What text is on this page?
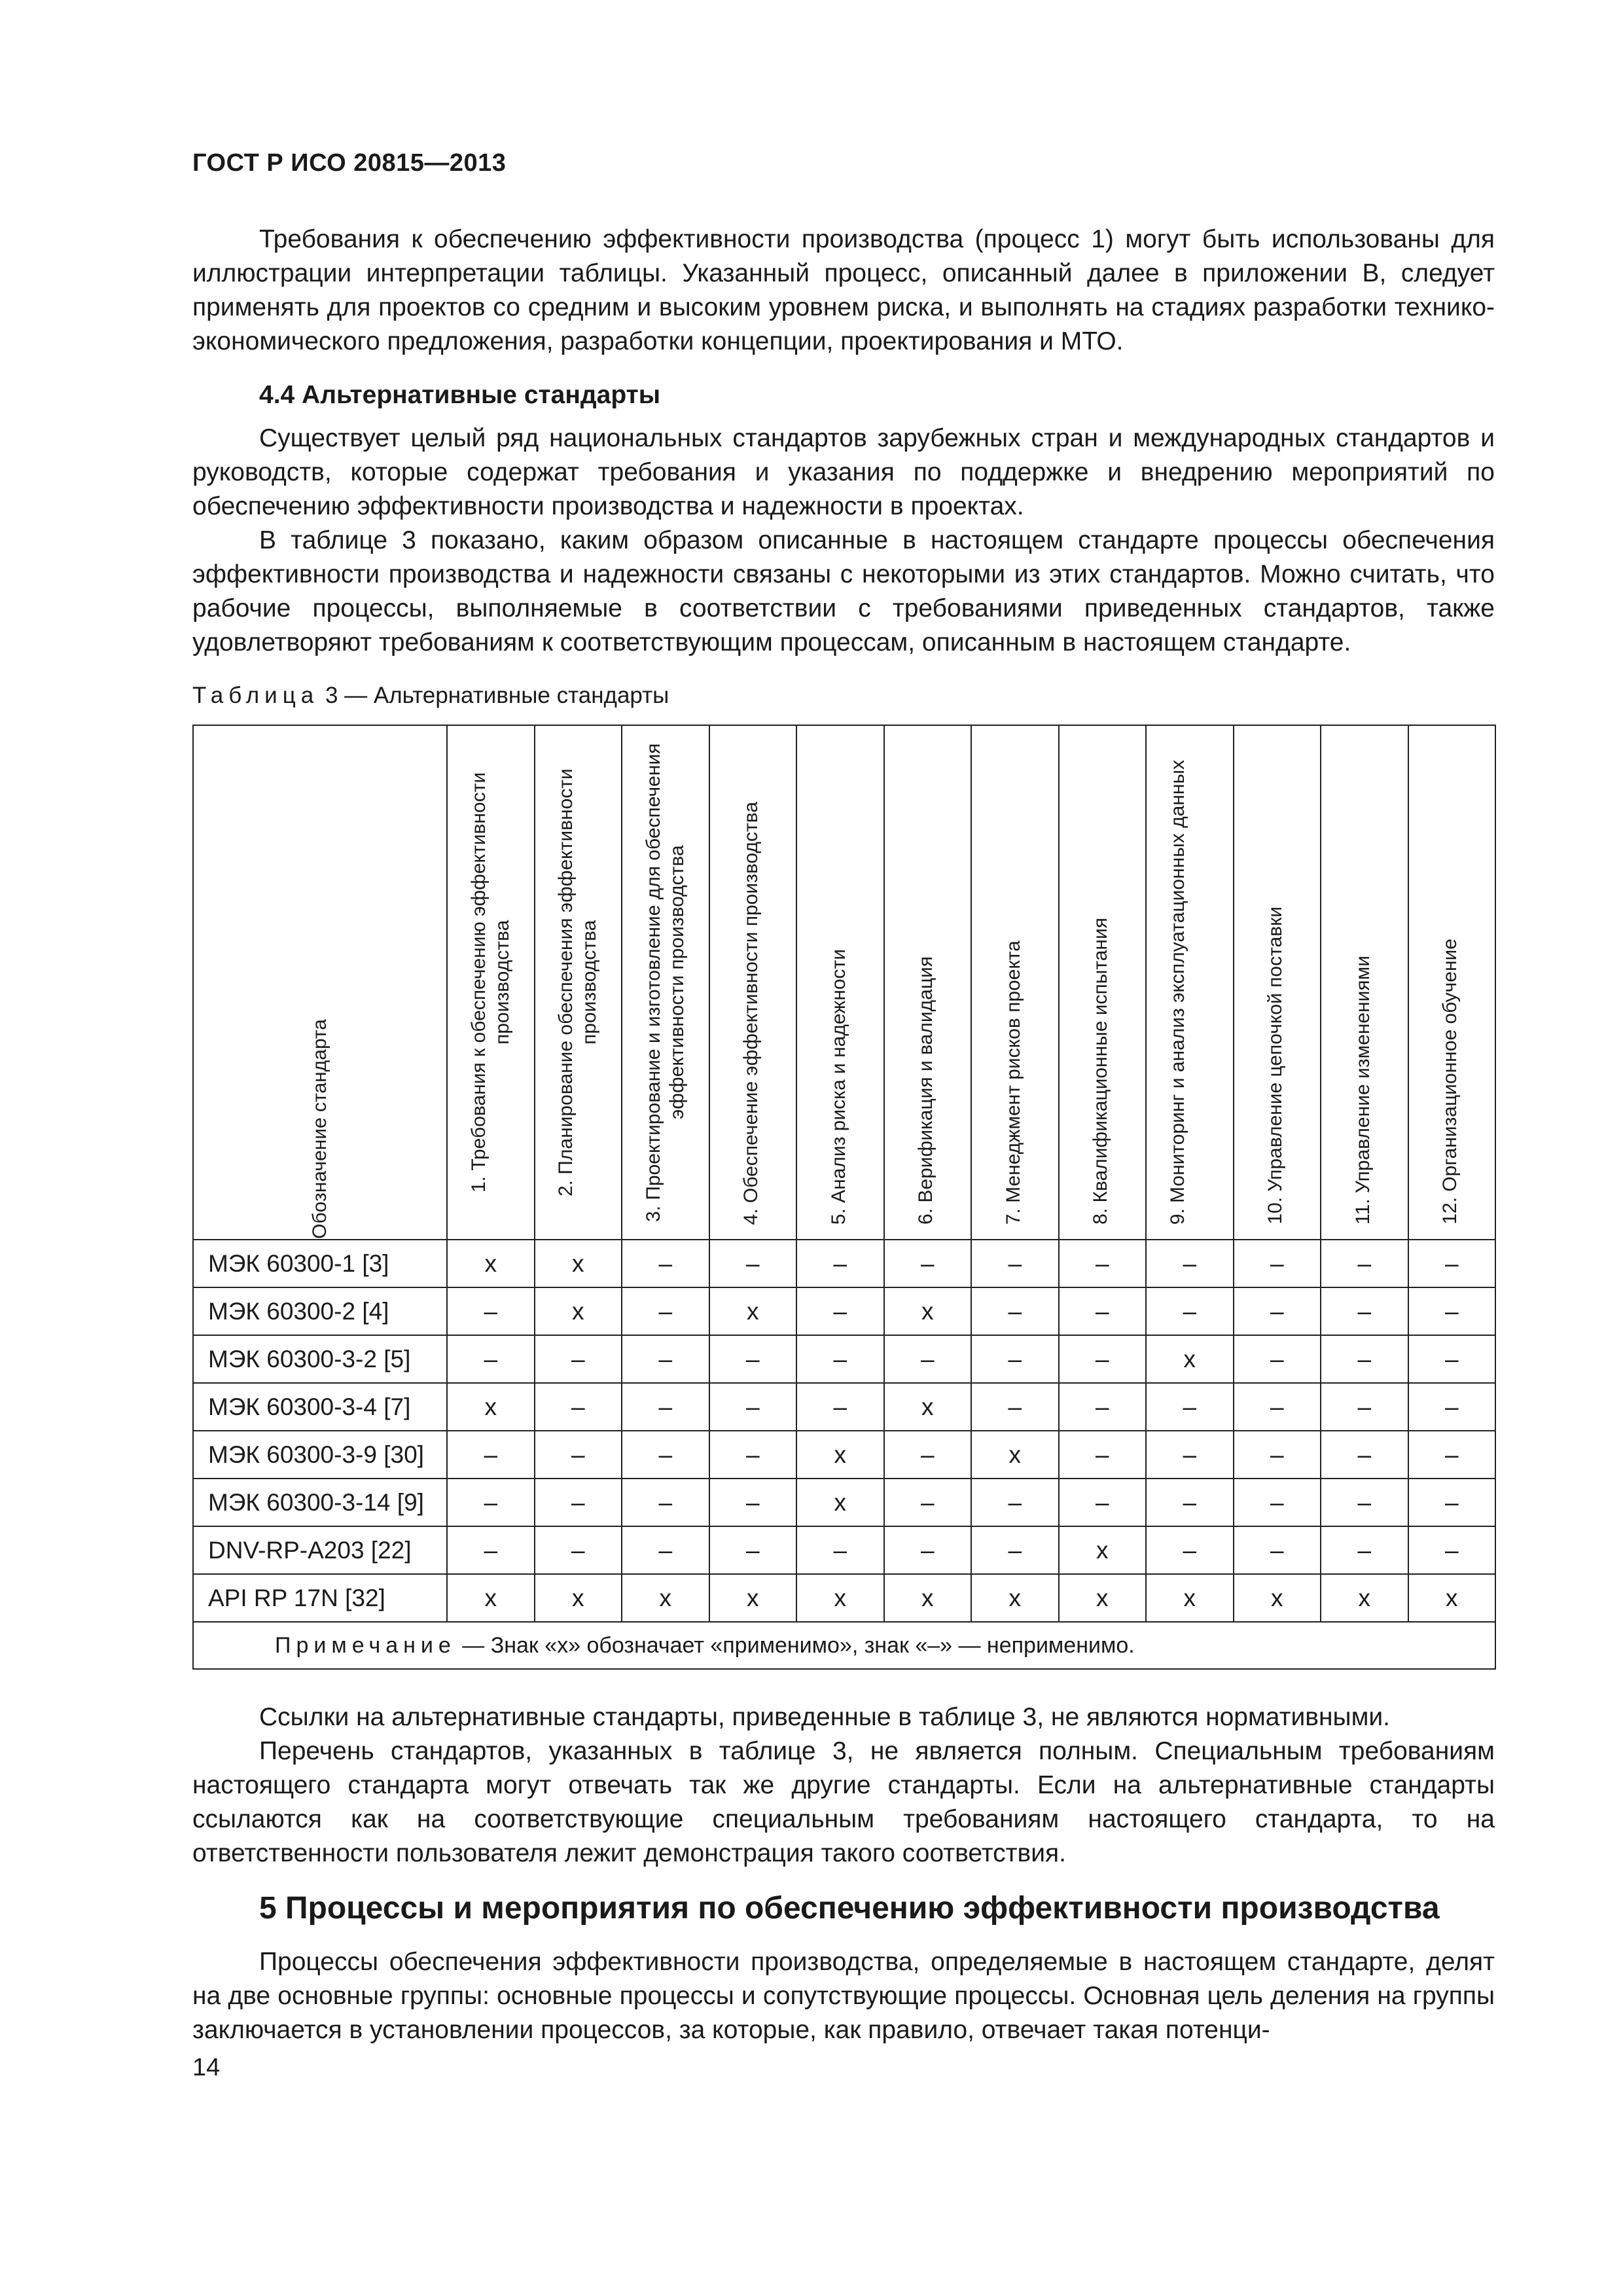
ГОСТ Р ИСО 20815—2013

Требования к обеспечению эффективности производства (процесс 1) могут быть использованы для иллюстрации интерпретации таблицы. Указанный процесс, описанный далее в приложении В, следует применять для проектов со средним и высоким уровнем риска, и выполнять на стадиях разработки технико-экономического предложения, разработки концепции, проектирования и МТО.

4.4 Альтернативные стандарты

Существует целый ряд национальных стандартов зарубежных стран и международных стандартов и руководств, которые содержат требования и указания по поддержке и внедрению мероприятий по обеспечению эффективности производства и надежности в проектах.

В таблице 3 показано, каким образом описанные в настоящем стандарте процессы обеспечения эффективности производства и надежности связаны с некоторыми из этих стандартов. Можно считать, что рабочие процессы, выполняемые в соответствии с требованиями приведенных стандартов, также удовлетворяют требованиям к соответствующим процессам, описанным в настоящем стандарте.

Таблица 3 — Альтернативные стандарты
Обозначение стандарта	1. Требования к обеспечению эффективности производства	2. Планирование обеспечения эффективности производства	3. Проектирование и изготовление для обеспечения эффективности производства	4. Обеспечение эффективности производства	5. Анализ риска и надежности	6. Верификация и валидация	7. Менеджмент рисков проекта	8. Квалификационные испытания	9. Мониторинг и анализ эксплуатационных данных	10. Управление цепочкой поставки	11. Управление изменениями	12. Организационное обучение

МЭК 60300-1 [3]	x	x	–	–	–	–	–	–	–	–	–	–
МЭК 60300-2 [4]	–	x	–	x	–	x	–	–	–	–	–	–
МЭК 60300-3-2 [5]	–	–	–	–	–	–	–	–	x	–	–	–
МЭК 60300-3-4 [7]	x	–	–	–	–	x	–	–	–	–	–	–
МЭК 60300-3-9 [30]	–	–	–	–	x	–	x	–	–	–	–	–
МЭК 60300-3-14 [9]	–	–	–	–	x	–	–	–	–	–	–	–
DNV-RP-A203 [22]	–	–	–	–	–	–	–	x	–	–	–	–
API RP 17N [32]	x	x	x	x	x	x	x	x	x	x	x	x
Примечание — Знак «х» обозначает «применимо», знак «–» — неприменимо.												

Ссылки на альтернативные стандарты, приведенные в таблице 3, не являются нормативными.

Перечень стандартов, указанных в таблице 3, не является полным. Специальным требованиям настоящего стандарта могут отвечать так же другие стандарты. Если на альтернативные стандарты ссылаются как на соответствующие специальным требованиям настоящего стандарта, то на ответственности пользователя лежит демонстрация такого соответствия.

5 Процессы и мероприятия по обеспечению эффективности производства

Процессы обеспечения эффективности производства, определяемые в настоящем стандарте, делят на две основные группы: основные процессы и сопутствующие процессы. Основная цель деления на группы заключается в установлении процессов, за которые, как правило, отвечает такая потенци-

14
